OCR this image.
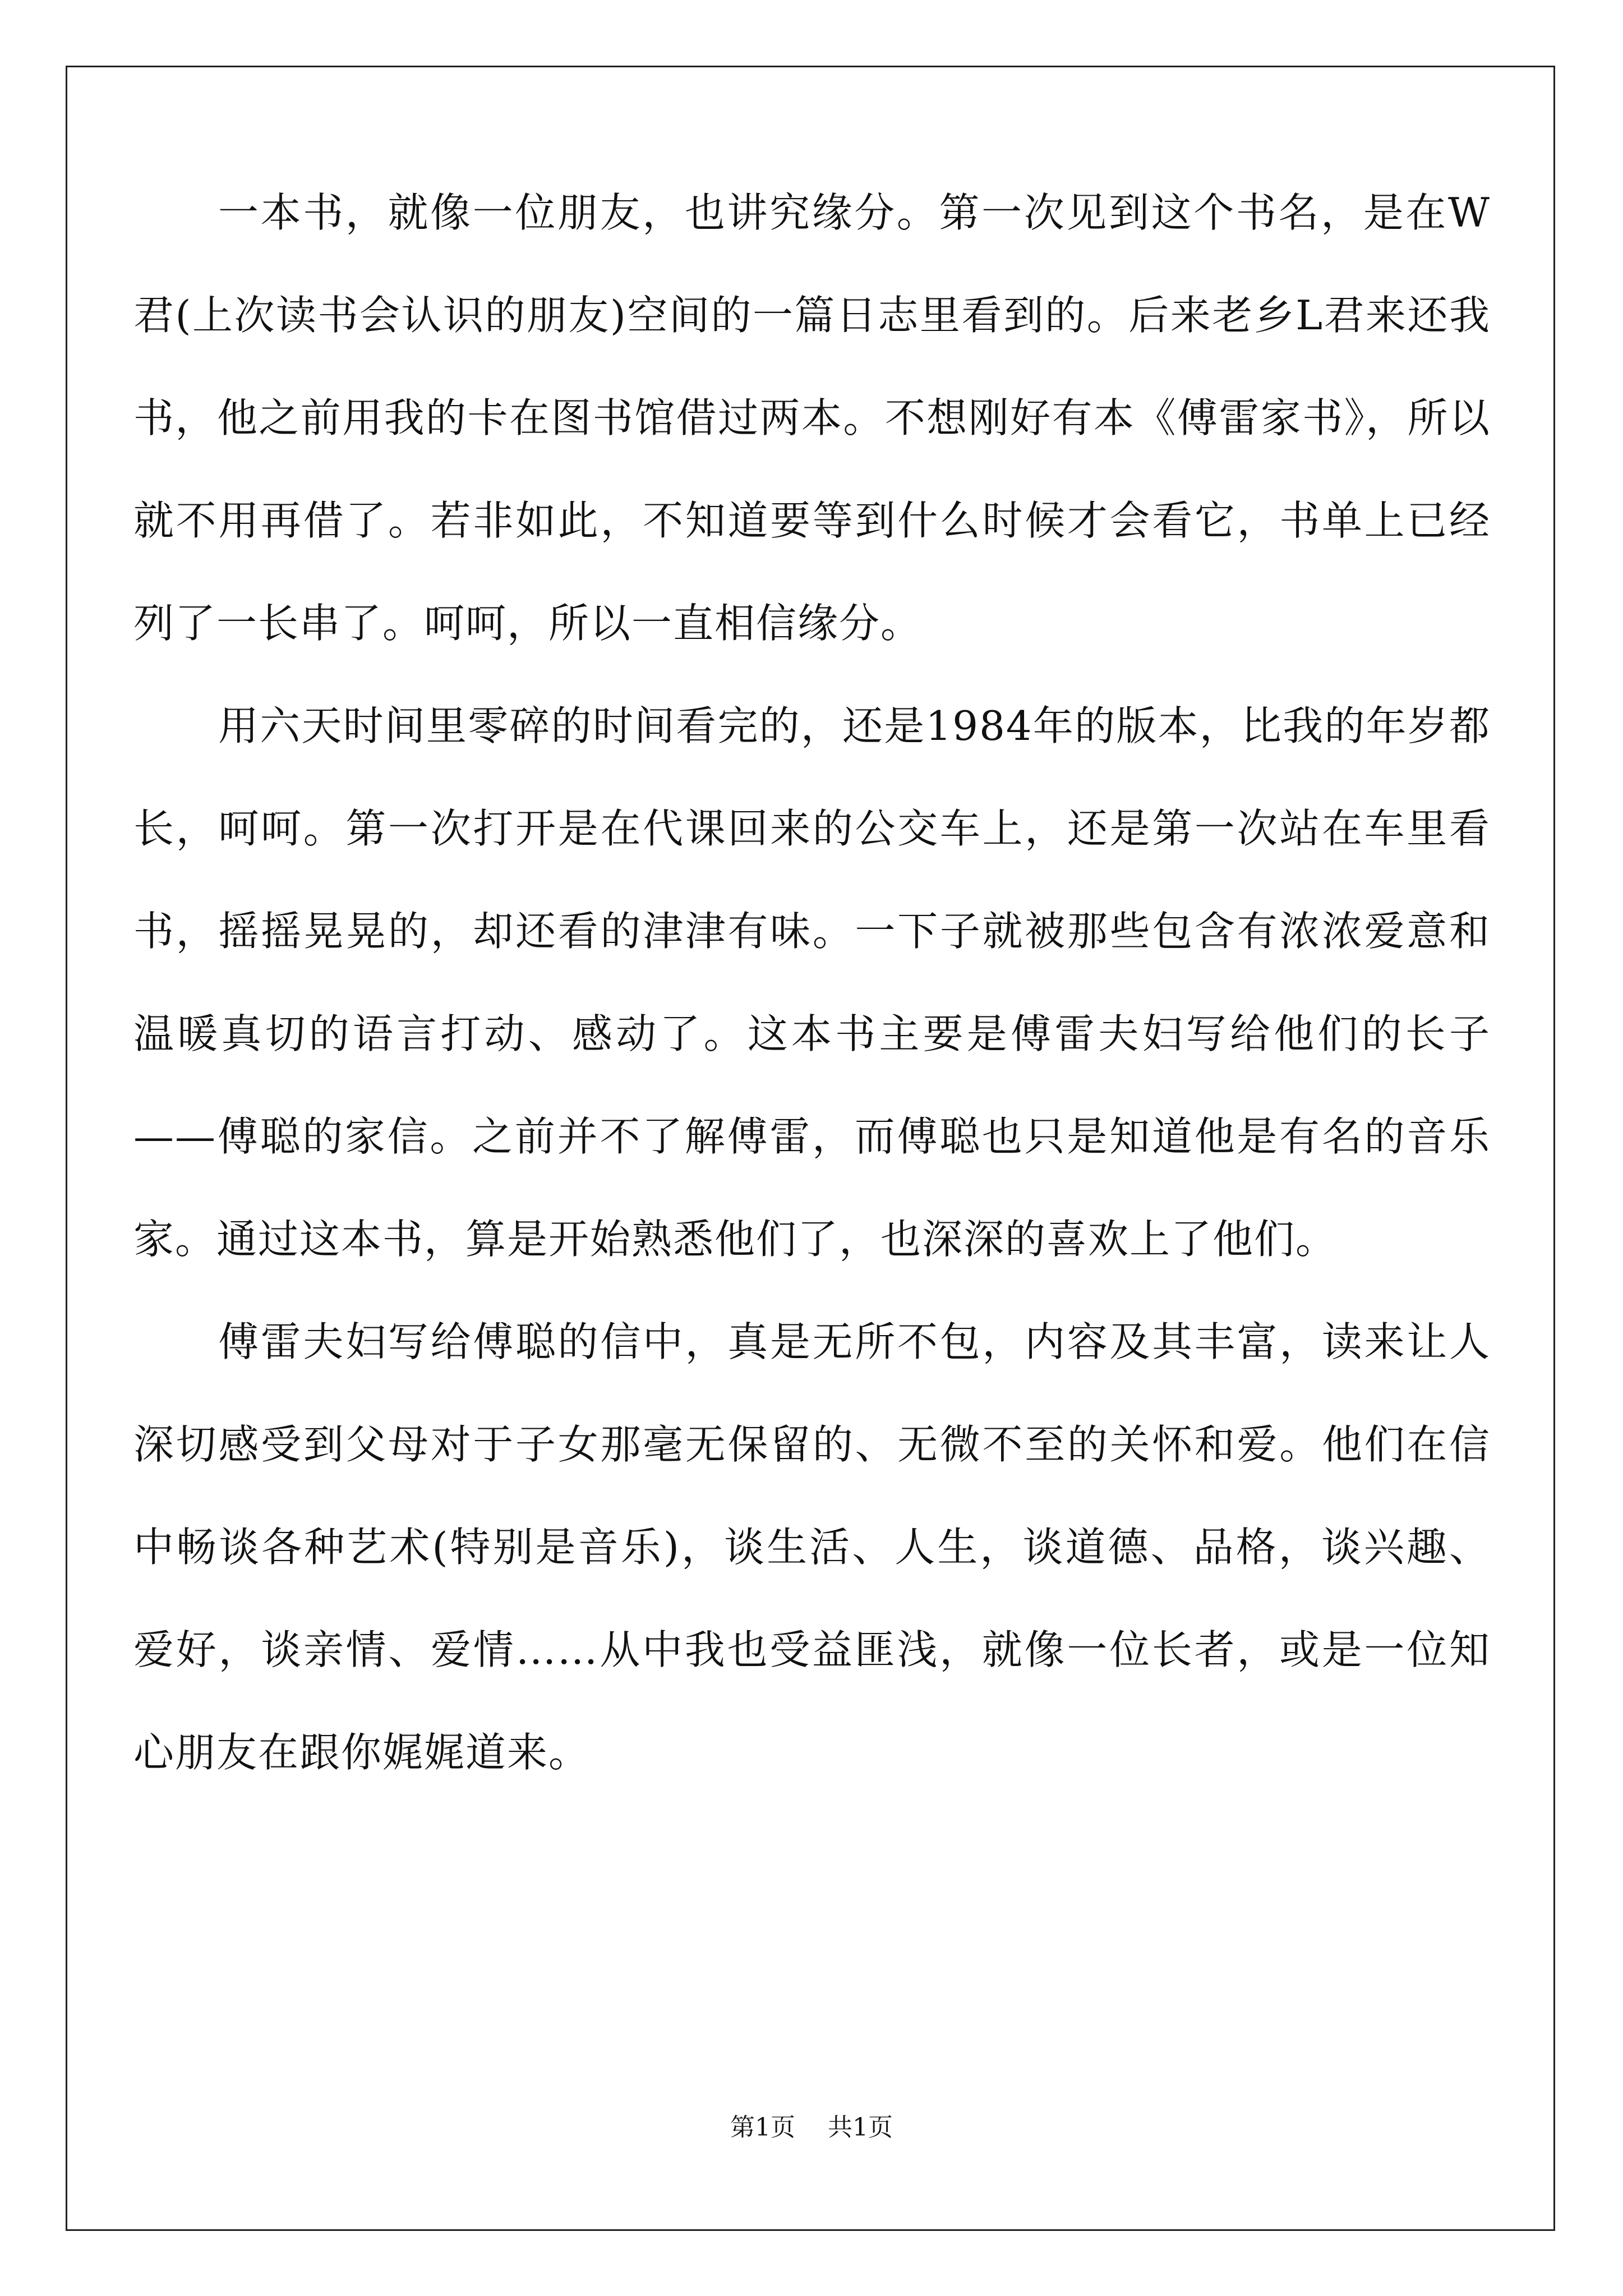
一本书，就像一位朋友，也讲究缘分。第一次见到这个书名，是在W君(上次读书会认识的朋友)空间的一篇日志里看到的。后来老乡L君来还我书，他之前用我的卡在图书馆借过两本。不想刚好有本《傅雷家书》，所以就不用再借了。若非如此，不知道要等到什么时候才会看它，书单上已经列了一长串了。呵呵，所以一直相信缘分。

用六天时间里零碎的时间看完的，还是1984年的版本，比我的年岁都长，呵呵。第一次打开是在代课回来的公交车上，还是第一次站在车里看书，摇摇晃晃的，却还看的津津有味。一下子就被那些包含有浓浓爱意和温暖真切的语言打动、感动了。这本书主要是傅雷夫妇写给他们的长子——傅聪的家信。之前并不了解傅雷，而傅聪也只是知道他是有名的音乐家。通过这本书，算是开始熟悉他们了，也深深的喜欢上了他们。

傅雷夫妇写给傅聪的信中，真是无所不包，内容及其丰富，读来让人深切感受到父母对于子女那毫无保留的、无微不至的关怀和爱。他们在信中畅谈各种艺术(特别是音乐)，谈生活、人生，谈道德、品格，谈兴趣、爱好，谈亲情、爱情……从中我也受益匪浅，就像一位长者，或是一位知心朋友在跟你娓娓道来。

第1页 共1页
